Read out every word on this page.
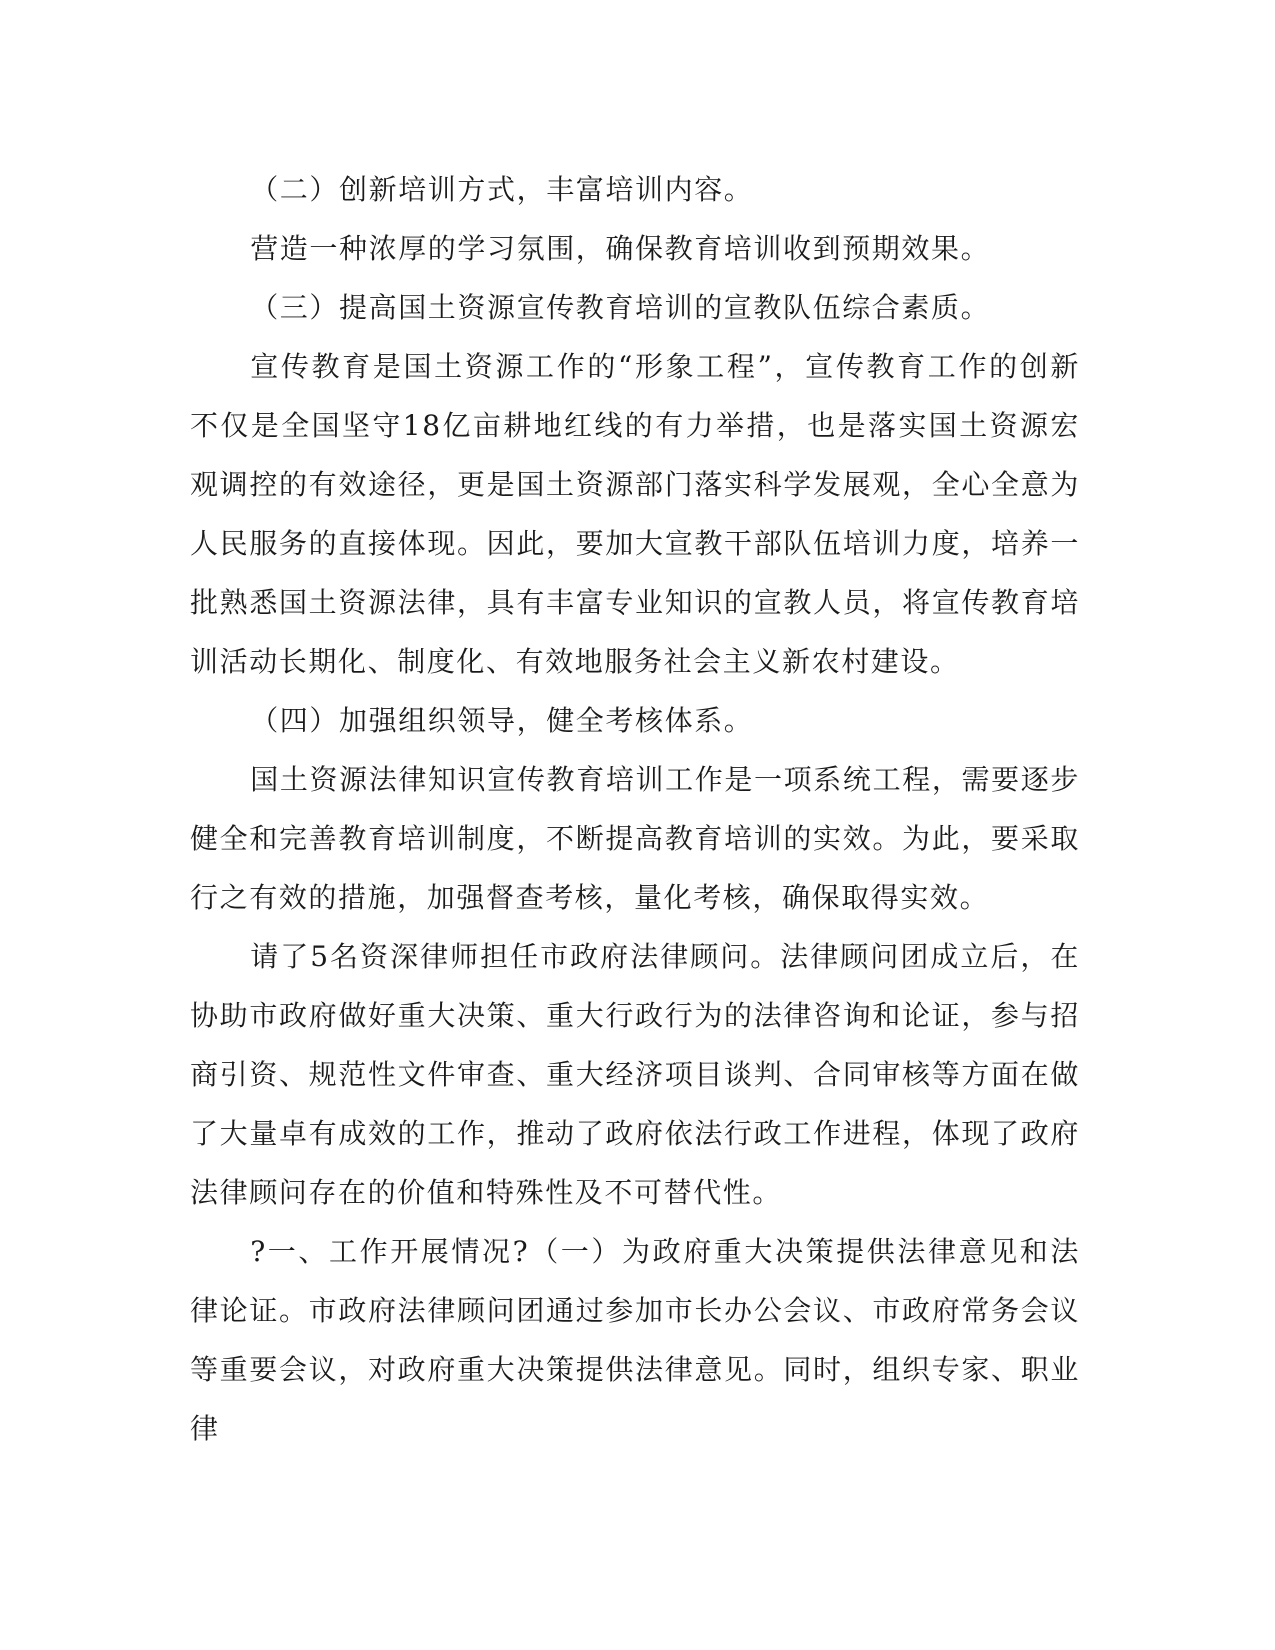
（二）创新培训方式，丰富培训内容。

营造一种浓厚的学习氛围，确保教育培训收到预期效果。

（三）提高国土资源宣传教育培训的宣教队伍综合素质。

宣传教育是国土资源工作的“形象工程”，宣传教育工作的创新不仅是全国坚守18亿亩耕地红线的有力举措，也是落实国土资源宏观调控的有效途径，更是国土资源部门落实科学发展观，全心全意为人民服务的直接体现。因此，要加大宣教干部队伍培训力度，培养一批熟悉国土资源法律，具有丰富专业知识的宣教人员，将宣传教育培训活动长期化、制度化、有效地服务社会主义新农村建设。

（四）加强组织领导，健全考核体系。

国土资源法律知识宣传教育培训工作是一项系统工程，需要逐步健全和完善教育培训制度，不断提高教育培训的实效。为此，要采取行之有效的措施，加强督查考核，量化考核，确保取得实效。

请了5名资深律师担任市政府法律顾问。法律顾问团成立后，在协助市政府做好重大决策、重大行政行为的法律咨询和论证，参与招商引资、规范性文件审查、重大经济项目谈判、合同审核等方面在做了大量卓有成效的工作，推动了政府依法行政工作进程，体现了政府法律顾问存在的价值和特殊性及不可替代性。

?一、工作开展情况?（一）为政府重大决策提供法律意见和法律论证。市政府法律顾问团通过参加市长办公会议、市政府常务会议等重要会议，对政府重大决策提供法律意见。同时，组织专家、职业律
